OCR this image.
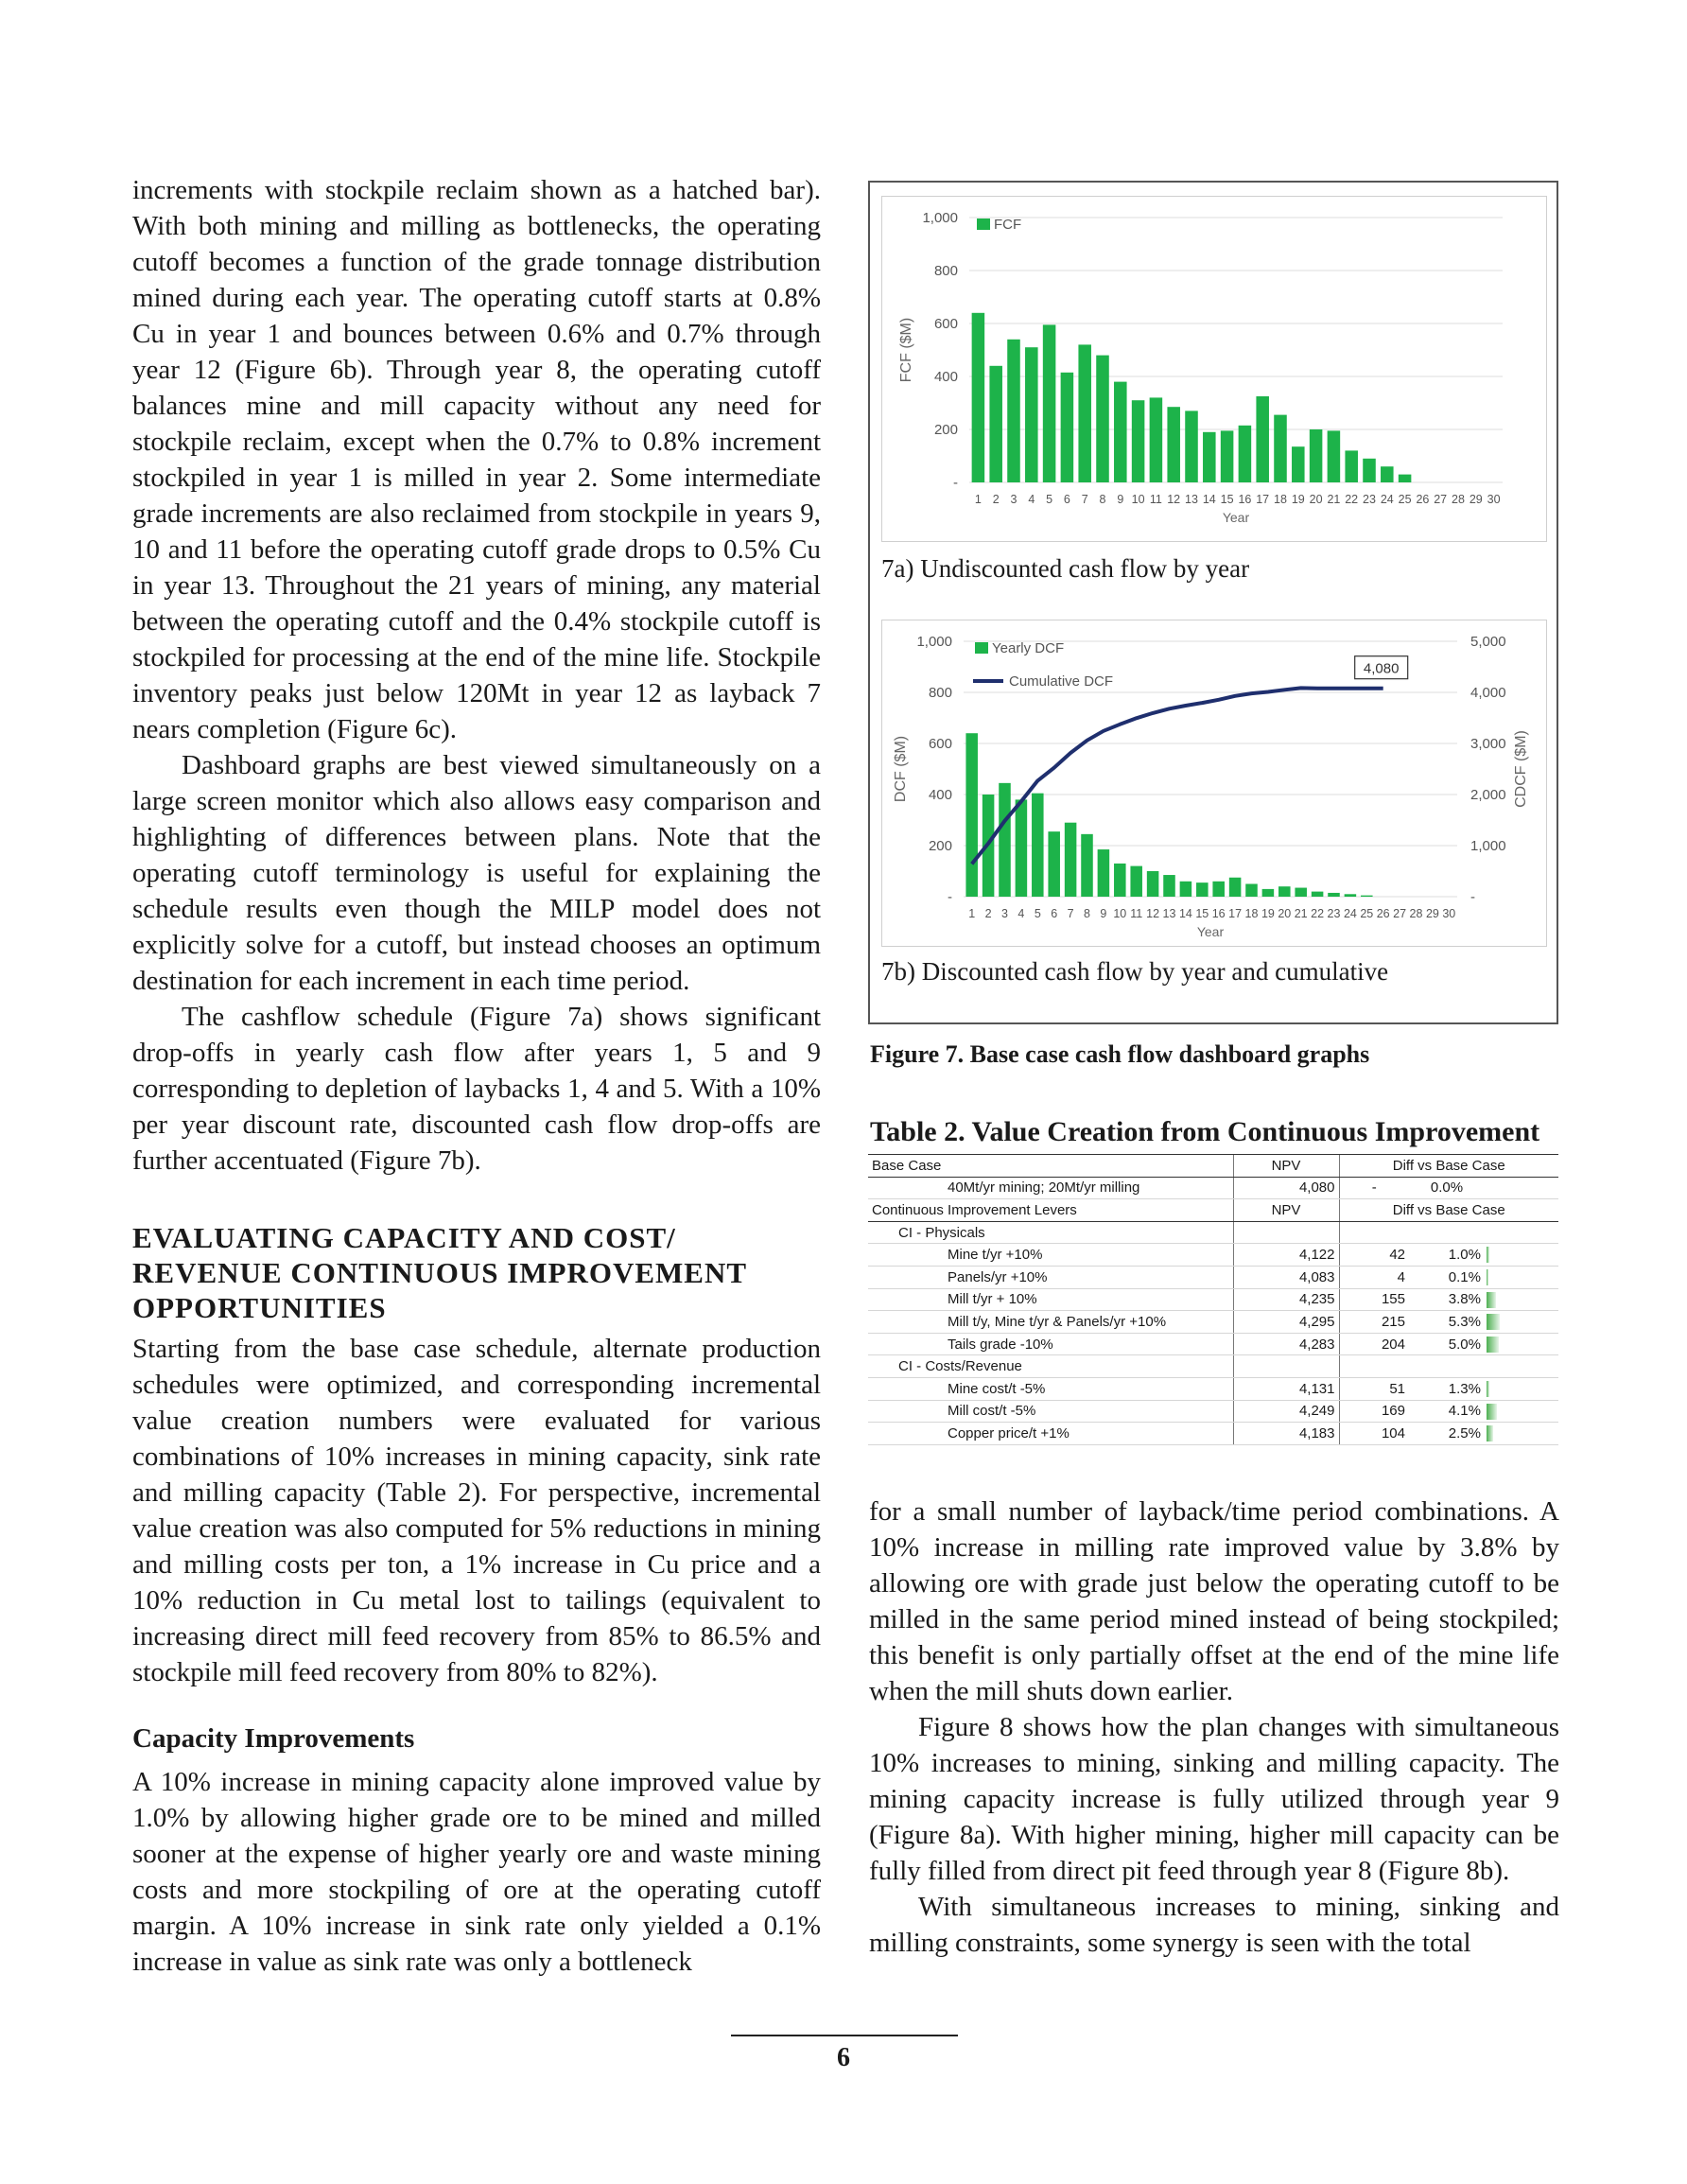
increments with stockpile reclaim shown as a hatched bar). With both mining and milling as bottlenecks, the operating cutoff becomes a function of the grade tonnage distribution mined during each year. The operating cutoff starts at 0.8% Cu in year 1 and bounces between 0.6% and 0.7% through year 12 (Figure 6b). Through year 8, the operating cutoff balances mine and mill capacity without any need for stockpile reclaim, except when the 0.7% to 0.8% increment stockpiled in year 1 is milled in year 2. Some intermediate grade increments are also reclaimed from stockpile in years 9, 10 and 11 before the operating cutoff grade drops to 0.5% Cu in year 13. Throughout the 21 years of mining, any material between the operating cutoff and the 0.4% stockpile cutoff is stockpiled for processing at the end of the mine life. Stockpile inventory peaks just below 120Mt in year 12 as layback 7 nears completion (Figure 6c).

Dashboard graphs are best viewed simultaneously on a large screen monitor which also allows easy comparison and highlighting of differences between plans. Note that the operating cutoff terminology is useful for explaining the schedule results even though the MILP model does not explicitly solve for a cutoff, but instead chooses an optimum destination for each increment in each time period.

The cashflow schedule (Figure 7a) shows significant drop-offs in yearly cash flow after years 1, 5 and 9 corresponding to depletion of laybacks 1, 4 and 5. With a 10% per year discount rate, discounted cash flow drop-offs are further accentuated (Figure 7b).

EVALUATING CAPACITY AND COST/ REVENUE CONTINUOUS IMPROVEMENT OPPORTUNITIES

Starting from the base case schedule, alternate production schedules were optimized, and corresponding incremental value creation numbers were evaluated for various combinations of 10% increases in mining capacity, sink rate and milling capacity (Table 2). For perspective, incremental value creation was also computed for 5% reductions in mining and milling costs per ton, a 1% increase in Cu price and a 10% reduction in Cu metal lost to tailings (equivalent to increasing direct mill feed recovery from 85% to 86.5% and stockpile mill feed recovery from 80% to 82%).

Capacity Improvements

A 10% increase in mining capacity alone improved value by 1.0% by allowing higher grade ore to be mined and milled sooner at the expense of higher yearly ore and waste mining costs and more stockpiling of ore at the operating cutoff margin. A 10% increase in sink rate only yielded a 0.1% increase in value as sink rate was only a bottleneck

-
200
400
600
800
1,000
1 2 3 4 5 6 7 8 9 10 11 12 13 14 15 16 17 18 19 20 21 22 23 24 25 26 27 28 29 30
Year
FCF ($M)
FCF
7a) Undiscounted cash flow by year
-
200
400
600
800
1,000
1 2 3 4 5 6 7 8 9 10 11 12 13 14 15 16 17 18 19 20 21 22 23 24 25 26 27 28 29 30
Year
DCF ($M)
Yearly DCF
-
1,000
2,000
3,000
4,000
5,000
CDCF ($M)
Cumulative DCF
4,080
7b) Discounted cash flow by year and cumulative
Figure 7. Base case cash flow dashboard graphs
Table 2. Value Creation from Continuous Improvement
Base Case			NPV	Diff vs Base Case		
		40Mt/yr mining; 20Mt/yr milling	4,080	-	0.0%	
Continuous Improvement Levers			NPV	Diff vs Base Case		
	CI - Physicals					
		Mine t/yr +10%	4,122	42	1.0%	
		Panels/yr +10%	4,083	4	0.1%	
		Mill t/yr + 10%	4,235	155	3.8%	
		Mill t/y, Mine t/yr & Panels/yr +10%	4,295	215	5.3%	
		Tails grade -10%	4,283	204	5.0%	
	CI - Costs/Revenue					
		Mine cost/t -5%	4,131	51	1.3%	
		Mill cost/t -5%	4,249	169	4.1%	
		Copper price/t +1%	4,183	104	2.5%	

for a small number of layback/time period combinations. A 10% increase in milling rate improved value by 3.8% by allowing ore with grade just below the operating cutoff to be milled in the same period mined instead of being stockpiled; this benefit is only partially offset at the end of the mine life when the mill shuts down earlier.

Figure 8 shows how the plan changes with simultaneous 10% increases to mining, sinking and milling capacity. The mining capacity increase is fully utilized through year 9 (Figure 8a). With higher mining, higher mill capacity can be fully filled from direct pit feed through year 8 (Figure 8b).

With simultaneous increases to mining, sinking and milling constraints, some synergy is seen with the total

6
